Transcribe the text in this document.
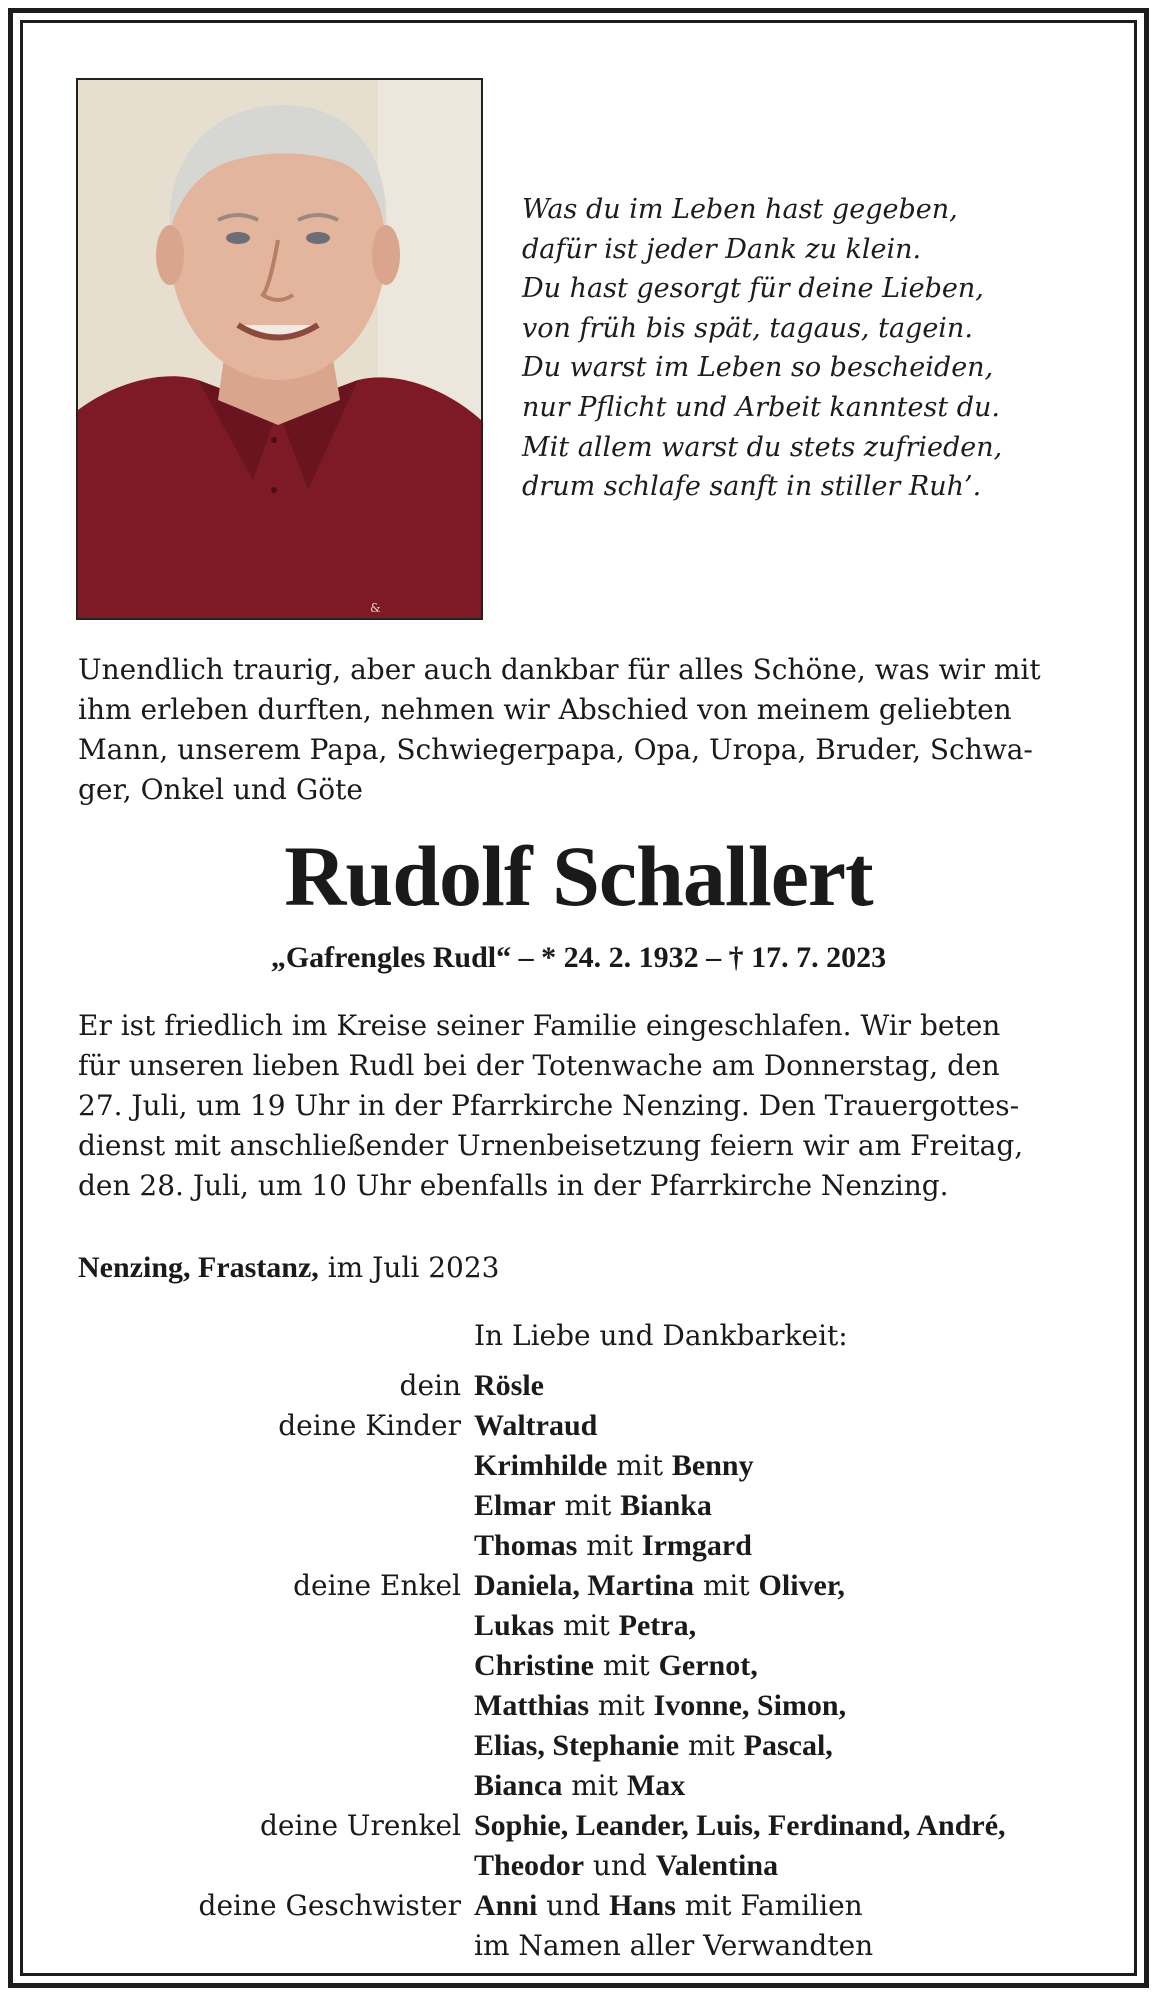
&
Was du im Leben hast gegeben,
dafür ist jeder Dank zu klein.
Du hast gesorgt für deine Lieben,
von früh bis spät, tagaus, tagein.
Du warst im Leben so bescheiden,
nur Pflicht und Arbeit kanntest du.
Mit allem warst du stets zufrieden,
drum schlafe sanft in stiller Ruh’.
Unendlich traurig, aber auch dankbar für alles Schöne, was wir mit
ihm erleben durften, nehmen wir Abschied von meinem geliebten
Mann, unserem Papa, Schwiegerpapa, Opa, Uropa, Bruder, Schwa-
ger, Onkel und Göte
Rudolf Schallert
„Gafrengles Rudl“ – * 24. 2. 1932 – † 17. 7. 2023
Er ist friedlich im Kreise seiner Familie eingeschlafen. Wir beten
für unseren lieben Rudl bei der Totenwache am Donnerstag, den
27. Juli, um 19 Uhr in der Pfarrkirche Nenzing. Den Trauergottes-
dienst mit anschließender Urnenbeisetzung feiern wir am Freitag,
den 28. Juli, um 10 Uhr ebenfalls in der Pfarrkirche Nenzing.
Nenzing, Frastanz, im Juli 2023
In Liebe und Dankbarkeit:
dein Rösle
deine Kinder Waltraud
Krimhilde mit Benny
Elmar mit Bianka
Thomas mit Irmgard
deine Enkel Daniela, Martina mit Oliver,
Lukas mit Petra,
Christine mit Gernot,
Matthias mit Ivonne, Simon,
Elias, Stephanie mit Pascal,
Bianca mit Max
deine Urenkel Sophie, Leander, Luis, Ferdinand, André,
Theodor und Valentina
deine Geschwister Anni und Hans mit Familien
im Namen aller Verwandten
